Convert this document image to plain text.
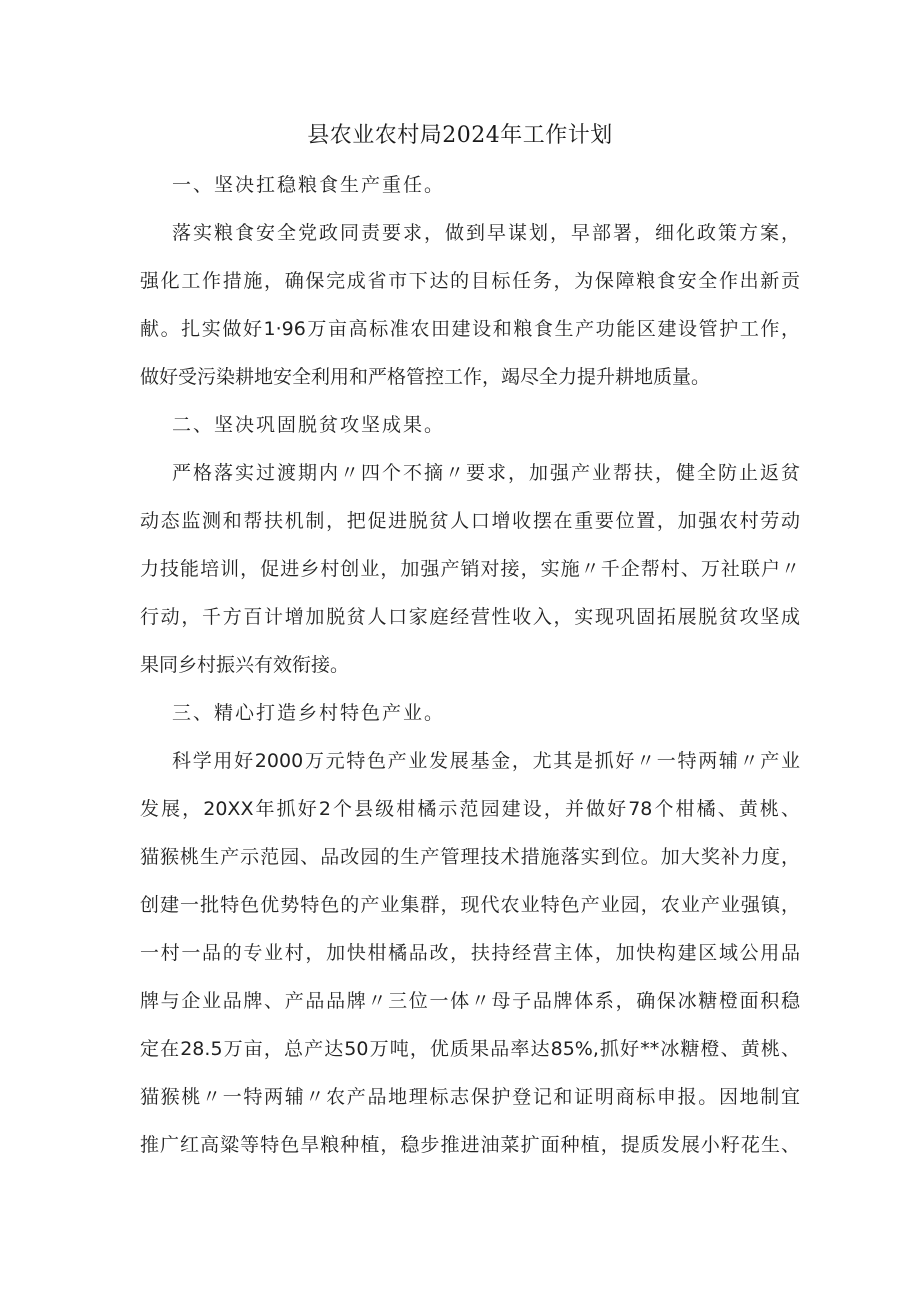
县农业农村局2024年工作计划
一、坚决扛稳粮食生产重任。
落实粮食安全党政同责要求，做到早谋划，早部署，细化政策方案，
强化工作措施，确保完成省市下达的目标任务，为保障粮食安全作出新贡
献。扎实做好1·96万亩高标准农田建设和粮食生产功能区建设管护工作，
做好受污染耕地安全利用和严格管控工作，竭尽全力提升耕地质量。
二、坚决巩固脱贫攻坚成果。
严格落实过渡期内〃四个不摘〃要求，加强产业帮扶，健全防止返贫
动态监测和帮扶机制，把促进脱贫人口增收摆在重要位置，加强农村劳动
力技能培训，促进乡村创业，加强产销对接，实施〃千企帮村、万社联户〃
行动，千方百计增加脱贫人口家庭经营性收入，实现巩固拓展脱贫攻坚成
果同乡村振兴有效衔接。
三、精心打造乡村特色产业。
科学用好2000万元特色产业发展基金，尤其是抓好〃一特两辅〃产业
发展，20XX年抓好2个县级柑橘示范园建设，并做好78个柑橘、黄桃、
猫猴桃生产示范园、品改园的生产管理技术措施落实到位。加大奖补力度，
创建一批特色优势特色的产业集群，现代农业特色产业园，农业产业强镇，
一村一品的专业村，加快柑橘品改，扶持经营主体，加快构建区域公用品
牌与企业品牌、产品品牌〃三位一体〃母子品牌体系，确保冰糖橙面积稳
定在28.5万亩，总产达50万吨，优质果品率达85%,抓好**冰糖橙、黄桃、
猫猴桃〃一特两辅〃农产品地理标志保护登记和证明商标申报。因地制宜
推广红高粱等特色旱粮种植，稳步推进油菜扩面种植，提质发展小籽花生、
